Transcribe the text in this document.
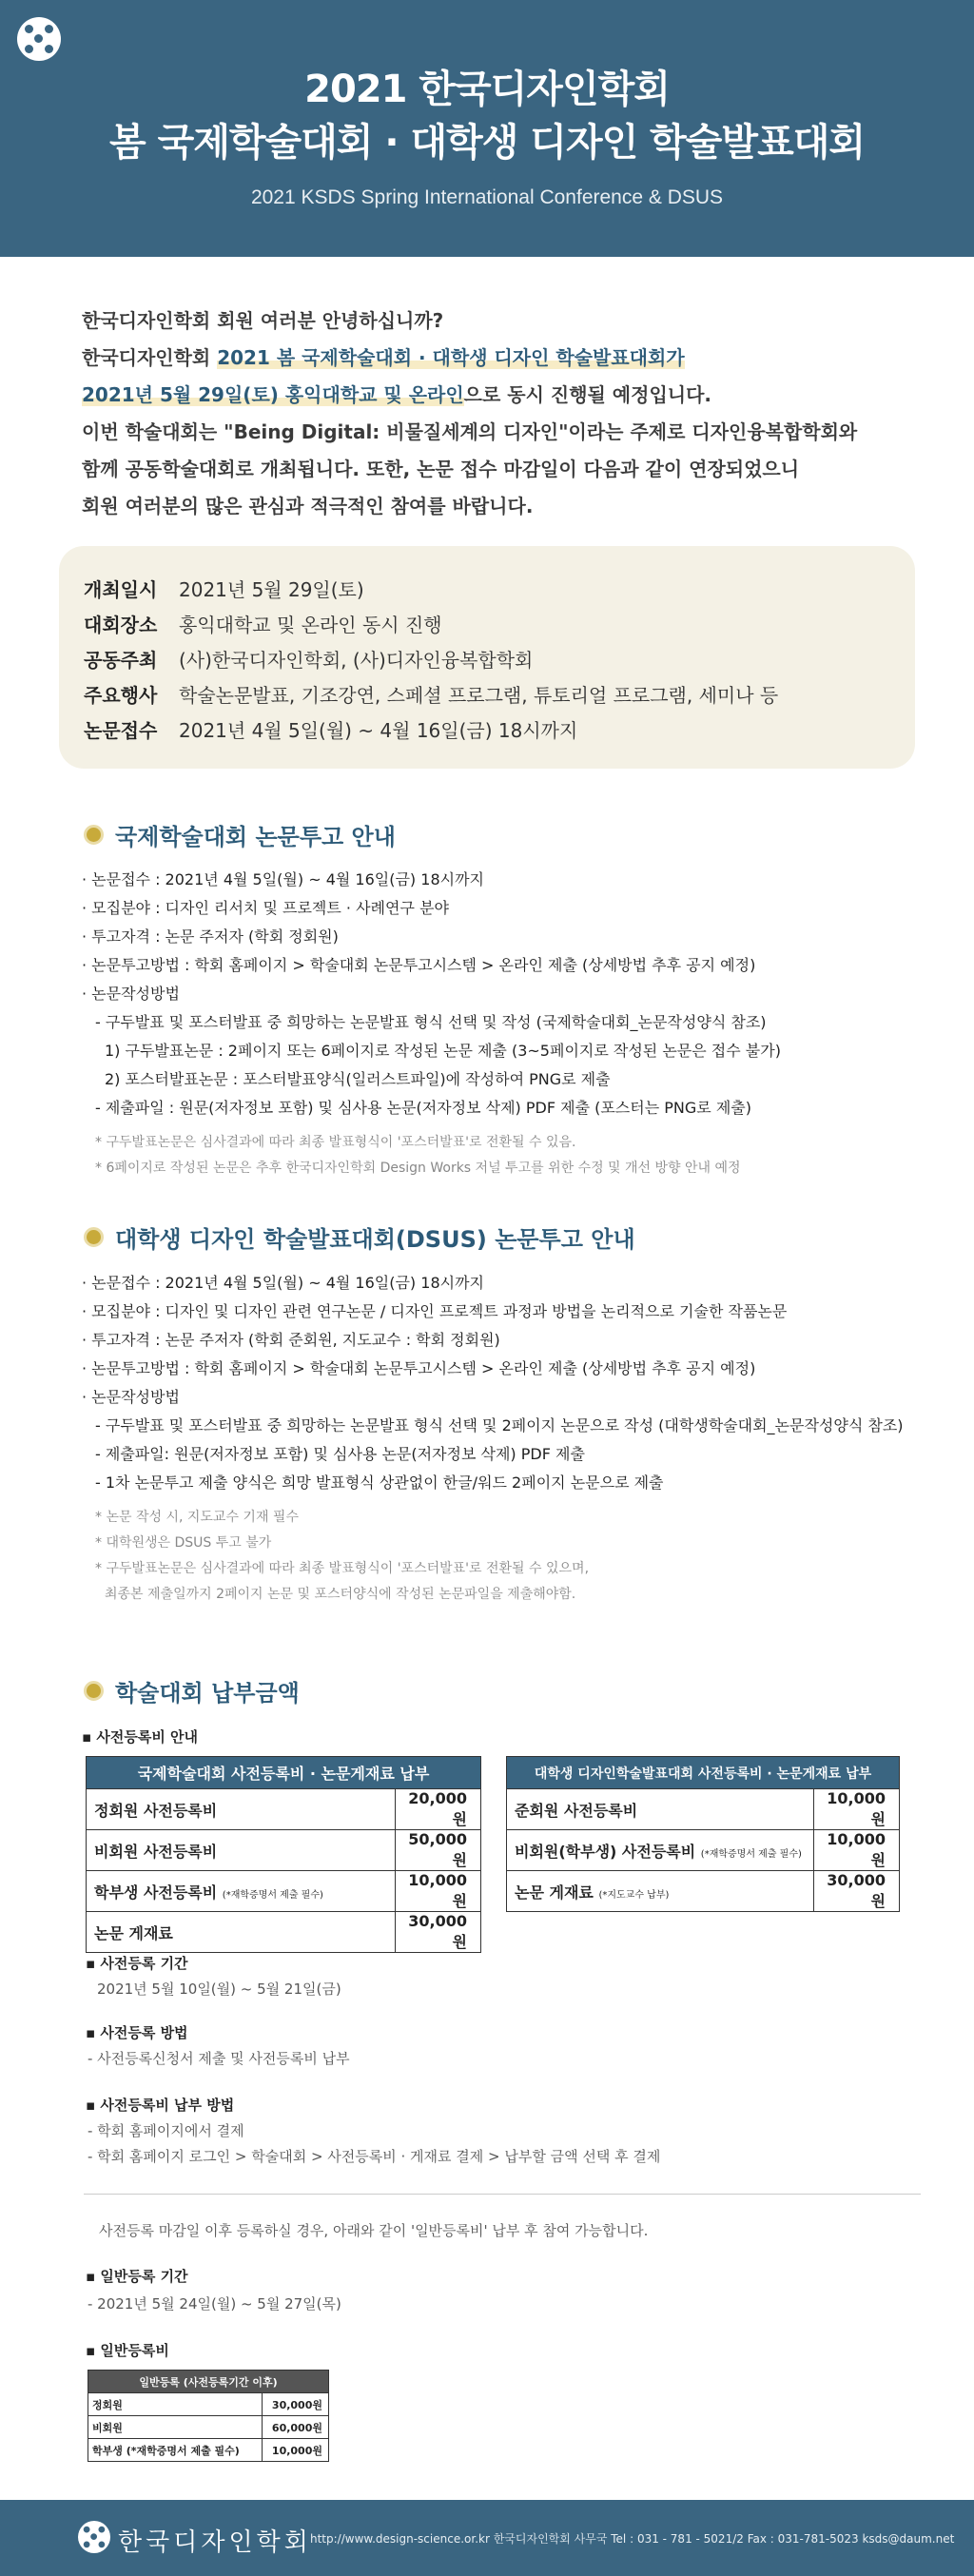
2021 한국디자인학회
봄 국제학술대회 · 대학생 디자인 학술발표대회
2021 KSDS Spring International Conference & DSUS

한국디자인학회 회원 여러분 안녕하십니까?

한국디자인학회 2021 봄 국제학술대회 · 대학생 디자인 학술발표대회가

2021년 5월 29일(토) 홍익대학교 및 온라인으로 동시 진행될 예정입니다.

이번 학술대회는 "Being Digital: 비물질세계의 디자인"이라는 주제로 디자인융복합학회와

함께 공동학술대회로 개최됩니다. 또한, 논문 접수 마감일이 다음과 같이 연장되었으니

회원 여러분의 많은 관심과 적극적인 참여를 바랍니다.

개최일시	2021년 5월 29일(토)
대회장소	홍익대학교 및 온라인 동시 진행
공동주최	(사)한국디자인학회, (사)디자인융복합학회
주요행사	학술논문발표, 기조강연, 스페셜 프로그램, 튜토리얼 프로그램, 세미나 등
논문접수	2021년 4월 5일(월) ~ 4월 16일(금) 18시까지
국제학술대회 논문투고 안내
· 논문접수 : 2021년 4월 5일(월) ~ 4월 16일(금) 18시까지
· 모집분야 : 디자인 리서치 및 프로젝트 · 사례연구 분야
· 투고자격 : 논문 주저자 (학회 정회원)
· 논문투고방법 : 학회 홈페이지 > 학술대회 논문투고시스템 > 온라인 제출 (상세방법 추후 공지 예정)
· 논문작성방법
- 구두발표 및 포스터발표 중 희망하는 논문발표 형식 선택 및 작성 (국제학술대회_논문작성양식 참조)
1) 구두발표논문 : 2페이지 또는 6페이지로 작성된 논문 제출 (3~5페이지로 작성된 논문은 접수 불가)
2) 포스터발표논문 : 포스터발표양식(일러스트파일)에 작성하여 PNG로 제출
- 제출파일 : 원문(저자정보 포함) 및 심사용 논문(저자정보 삭제) PDF 제출 (포스터는 PNG로 제출)
* 구두발표논문은 심사결과에 따라 최종 발표형식이 '포스터발표'로 전환될 수 있음.
* 6페이지로 작성된 논문은 추후 한국디자인학회 Design Works 저널 투고를 위한 수정 및 개선 방향 안내 예정
대학생 디자인 학술발표대회(DSUS) 논문투고 안내
· 논문접수 : 2021년 4월 5일(월) ~ 4월 16일(금) 18시까지
· 모집분야 : 디자인 및 디자인 관련 연구논문 / 디자인 프로젝트 과정과 방법을 논리적으로 기술한 작품논문
· 투고자격 : 논문 주저자 (학회 준회원, 지도교수 : 학회 정회원)
· 논문투고방법 : 학회 홈페이지 > 학술대회 논문투고시스템 > 온라인 제출 (상세방법 추후 공지 예정)
· 논문작성방법
- 구두발표 및 포스터발표 중 희망하는 논문발표 형식 선택 및 2페이지 논문으로 작성 (대학생학술대회_논문작성양식 참조)
- 제출파일: 원문(저자정보 포함) 및 심사용 논문(저자정보 삭제) PDF 제출
- 1차 논문투고 제출 양식은 희망 발표형식 상관없이 한글/워드 2페이지 논문으로 제출
* 논문 작성 시, 지도교수 기재 필수
* 대학원생은 DSUS 투고 불가
* 구두발표논문은 심사결과에 따라 최종 발표형식이 '포스터발표'로 전환될 수 있으며,
최종본 제출일까지 2페이지 논문 및 포스터양식에 작성된 논문파일을 제출해야함.
학술대회 납부금액
▪ 사전등록비 안내
국제학술대회 사전등록비 · 논문게재료 납부	
정회원 사전등록비	20,000원
비회원 사전등록비	50,000원
학부생 사전등록비 (*재학증명서 제출 필수)	10,000원
논문 게재료	30,000원
대학생 디자인학술발표대회 사전등록비 · 논문게재료 납부	
준회원 사전등록비	10,000원
비회원(학부생) 사전등록비 (*재학증명서 제출 필수)	10,000원
논문 게재료 (*지도교수 납부)	30,000원
▪ 사전등록 기간
2021년 5월 10일(월) ~ 5월 21일(금)
▪ 사전등록 방법
- 사전등록신청서 제출 및 사전등록비 납부
▪ 사전등록비 납부 방법
- 학회 홈페이지에서 결제
- 학회 홈페이지 로그인 > 학술대회 > 사전등록비 · 게재료 결제 > 납부할 금액 선택 후 결제
사전등록 마감일 이후 등록하실 경우, 아래와 같이 '일반등록비' 납부 후 참여 가능합니다.
▪ 일반등록 기간
- 2021년 5월 24일(월) ~ 5월 27일(목)
▪ 일반등록비
일반등록 (사전등록기간 이후)	
정회원	30,000원
비회원	60,000원
학부생 (*재학증명서 제출 필수)	10,000원
한국디자인학회
http://www.design-science.or.kr 한국디자인학회 사무국 Tel : 031 - 781 - 5021/2 Fax : 031-781-5023 ksds@daum.net
